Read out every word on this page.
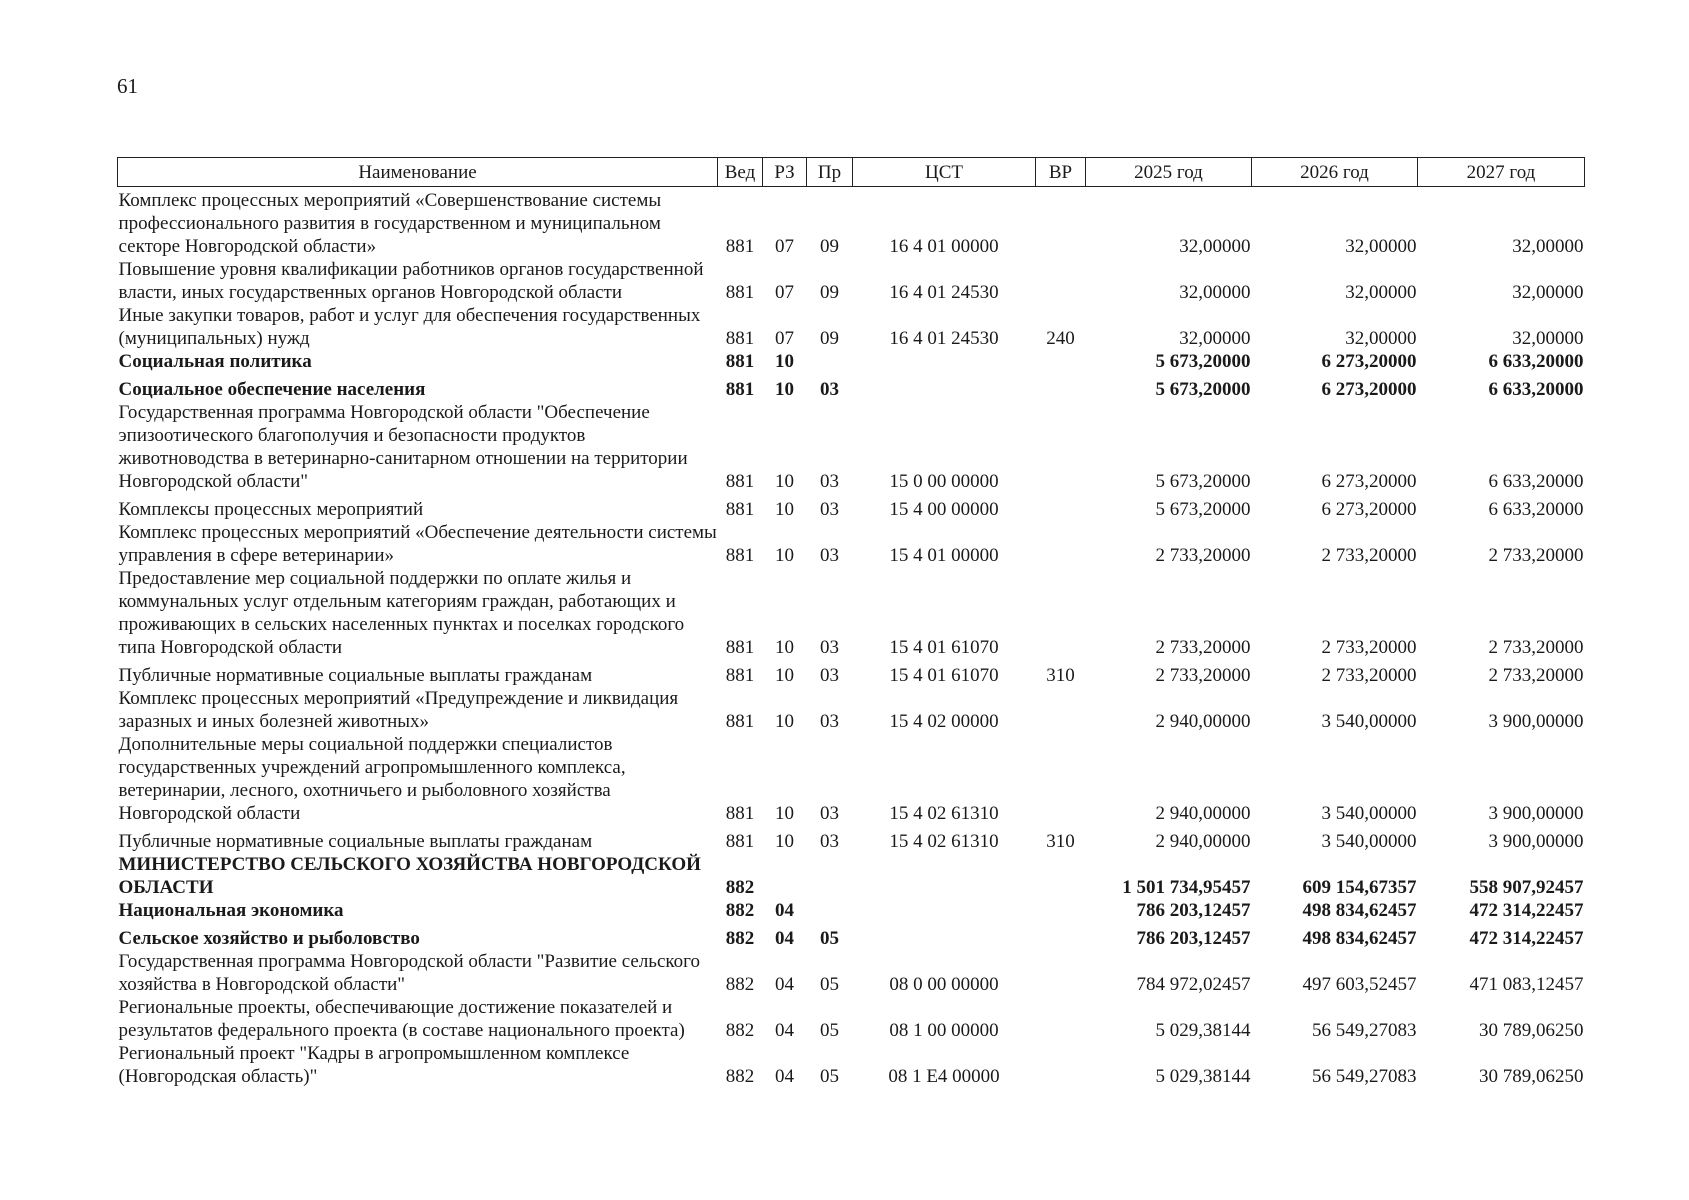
61
Наименование	Вед	РЗ	Пр	ЦСТ	ВР	2025 год	2026 год	2027 год
Комплекс процессных мероприятий «Совершенствование системы профессионального развития в государственном и муниципальном секторе Новгородской области»	881	07	09	16 4 01 00000		32,00000	32,00000	32,00000
Повышение уровня квалификации работников органов государственной власти, иных государственных органов Новгородской области	881	07	09	16 4 01 24530		32,00000	32,00000	32,00000
Иные закупки товаров, работ и услуг для обеспечения государственных (муниципальных) нужд	881	07	09	16 4 01 24530	240	32,00000	32,00000	32,00000
Социальная политика	881	10				5 673,20000	6 273,20000	6 633,20000
Социальное обеспечение населения	881	10	03			5 673,20000	6 273,20000	6 633,20000
Государственная программа Новгородской области "Обеспечение эпизоотического благополучия и безопасности продуктов животноводства в ветеринарно-санитарном отношении на территории Новгородской области"	881	10	03	15 0 00 00000		5 673,20000	6 273,20000	6 633,20000
Комплексы процессных мероприятий	881	10	03	15 4 00 00000		5 673,20000	6 273,20000	6 633,20000
Комплекс процессных мероприятий «Обеспечение деятельности системы управления в сфере ветеринарии»	881	10	03	15 4 01 00000		2 733,20000	2 733,20000	2 733,20000
Предоставление мер социальной поддержки по оплате жилья и коммунальных услуг отдельным категориям граждан, работающих и проживающих в сельских населенных пунктах и поселках городского типа Новгородской области	881	10	03	15 4 01 61070		2 733,20000	2 733,20000	2 733,20000
Публичные нормативные социальные выплаты гражданам	881	10	03	15 4 01 61070	310	2 733,20000	2 733,20000	2 733,20000
Комплекс процессных мероприятий «Предупреждение и ликвидация заразных и иных болезней животных»	881	10	03	15 4 02 00000		2 940,00000	3 540,00000	3 900,00000
Дополнительные меры социальной поддержки специалистов государственных учреждений агропромышленного комплекса, ветеринарии, лесного, охотничьего и рыболовного хозяйства Новгородской области	881	10	03	15 4 02 61310		2 940,00000	3 540,00000	3 900,00000
Публичные нормативные социальные выплаты гражданам	881	10	03	15 4 02 61310	310	2 940,00000	3 540,00000	3 900,00000
МИНИСТЕРСТВО СЕЛЬСКОГО ХОЗЯЙСТВА НОВГОРОДСКОЙ ОБЛАСТИ	882					1 501 734,95457	609 154,67357	558 907,92457
Национальная экономика	882	04				786 203,12457	498 834,62457	472 314,22457
Сельское хозяйство и рыболовство	882	04	05			786 203,12457	498 834,62457	472 314,22457
Государственная программа Новгородской области "Развитие сельского хозяйства в Новгородской области"	882	04	05	08 0 00 00000		784 972,02457	497 603,52457	471 083,12457
Региональные проекты, обеспечивающие достижение показателей и результатов федерального проекта (в составе национального проекта)	882	04	05	08 1 00 00000		5 029,38144	56 549,27083	30 789,06250
Региональный проект "Кадры в агропромышленном комплексе (Новгородская область)"	882	04	05	08 1 Е4 00000		5 029,38144	56 549,27083	30 789,06250
